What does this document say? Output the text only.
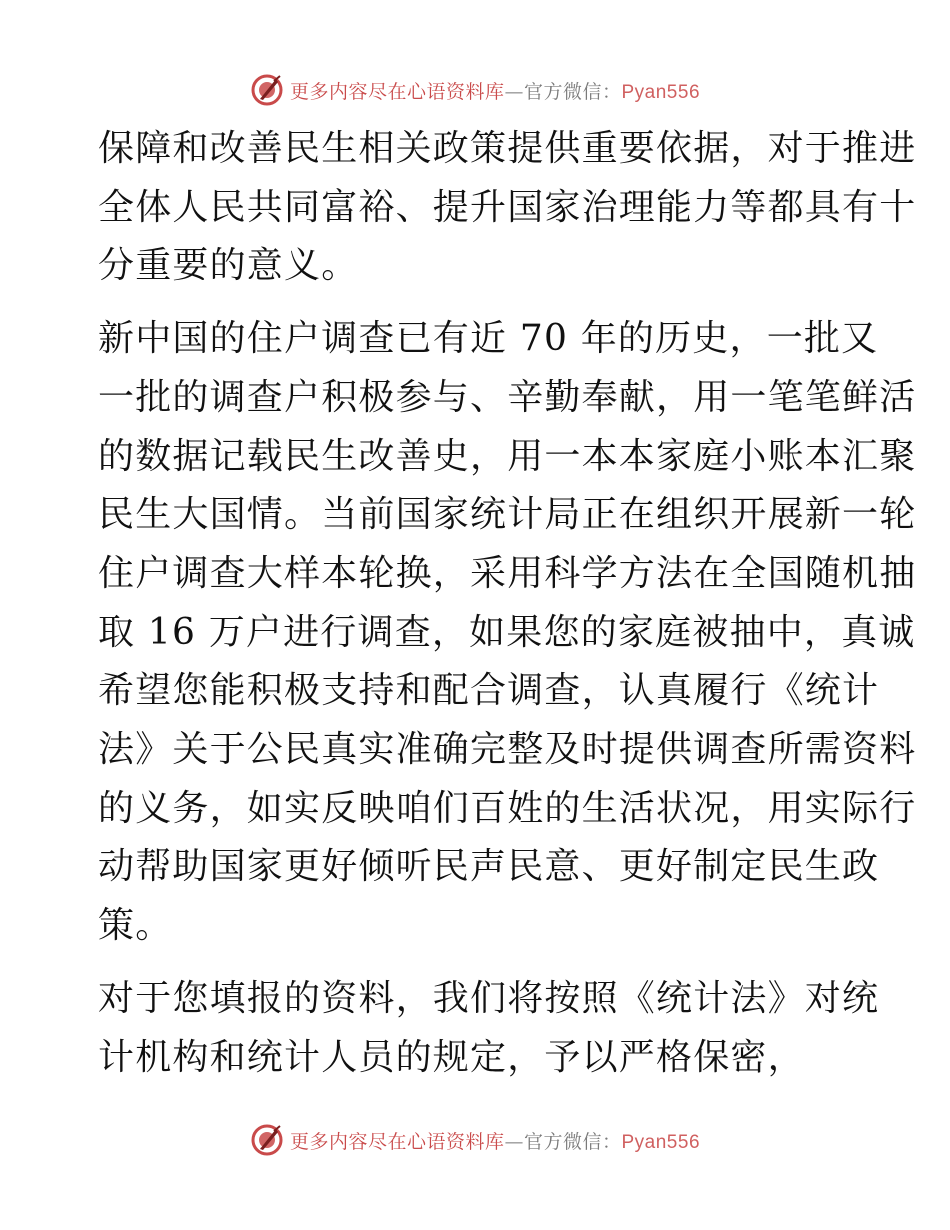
更多内容尽在心语资料库—官方微信：Pyan556

保障和改善民生相关政策提供重要依据，对于推进
全体人民共同富裕、提升国家治理能力等都具有十
分重要的意义。

新中国的住户调查已有近 70 年的历史，一批又
一批的调查户积极参与、辛勤奉献，用一笔笔鲜活
的数据记载民生改善史，用一本本家庭小账本汇聚
民生大国情。当前国家统计局正在组织开展新一轮
住户调查大样本轮换，采用科学方法在全国随机抽
取 16 万户进行调查，如果您的家庭被抽中，真诚
希望您能积极支持和配合调查，认真履行《统计
法》关于公民真实准确完整及时提供调查所需资料
的义务，如实反映咱们百姓的生活状况，用实际行
动帮助国家更好倾听民声民意、更好制定民生政
策。

对于您填报的资料，我们将按照《统计法》对统
计机构和统计人员的规定，予以严格保密，

更多内容尽在心语资料库—官方微信：Pyan556
